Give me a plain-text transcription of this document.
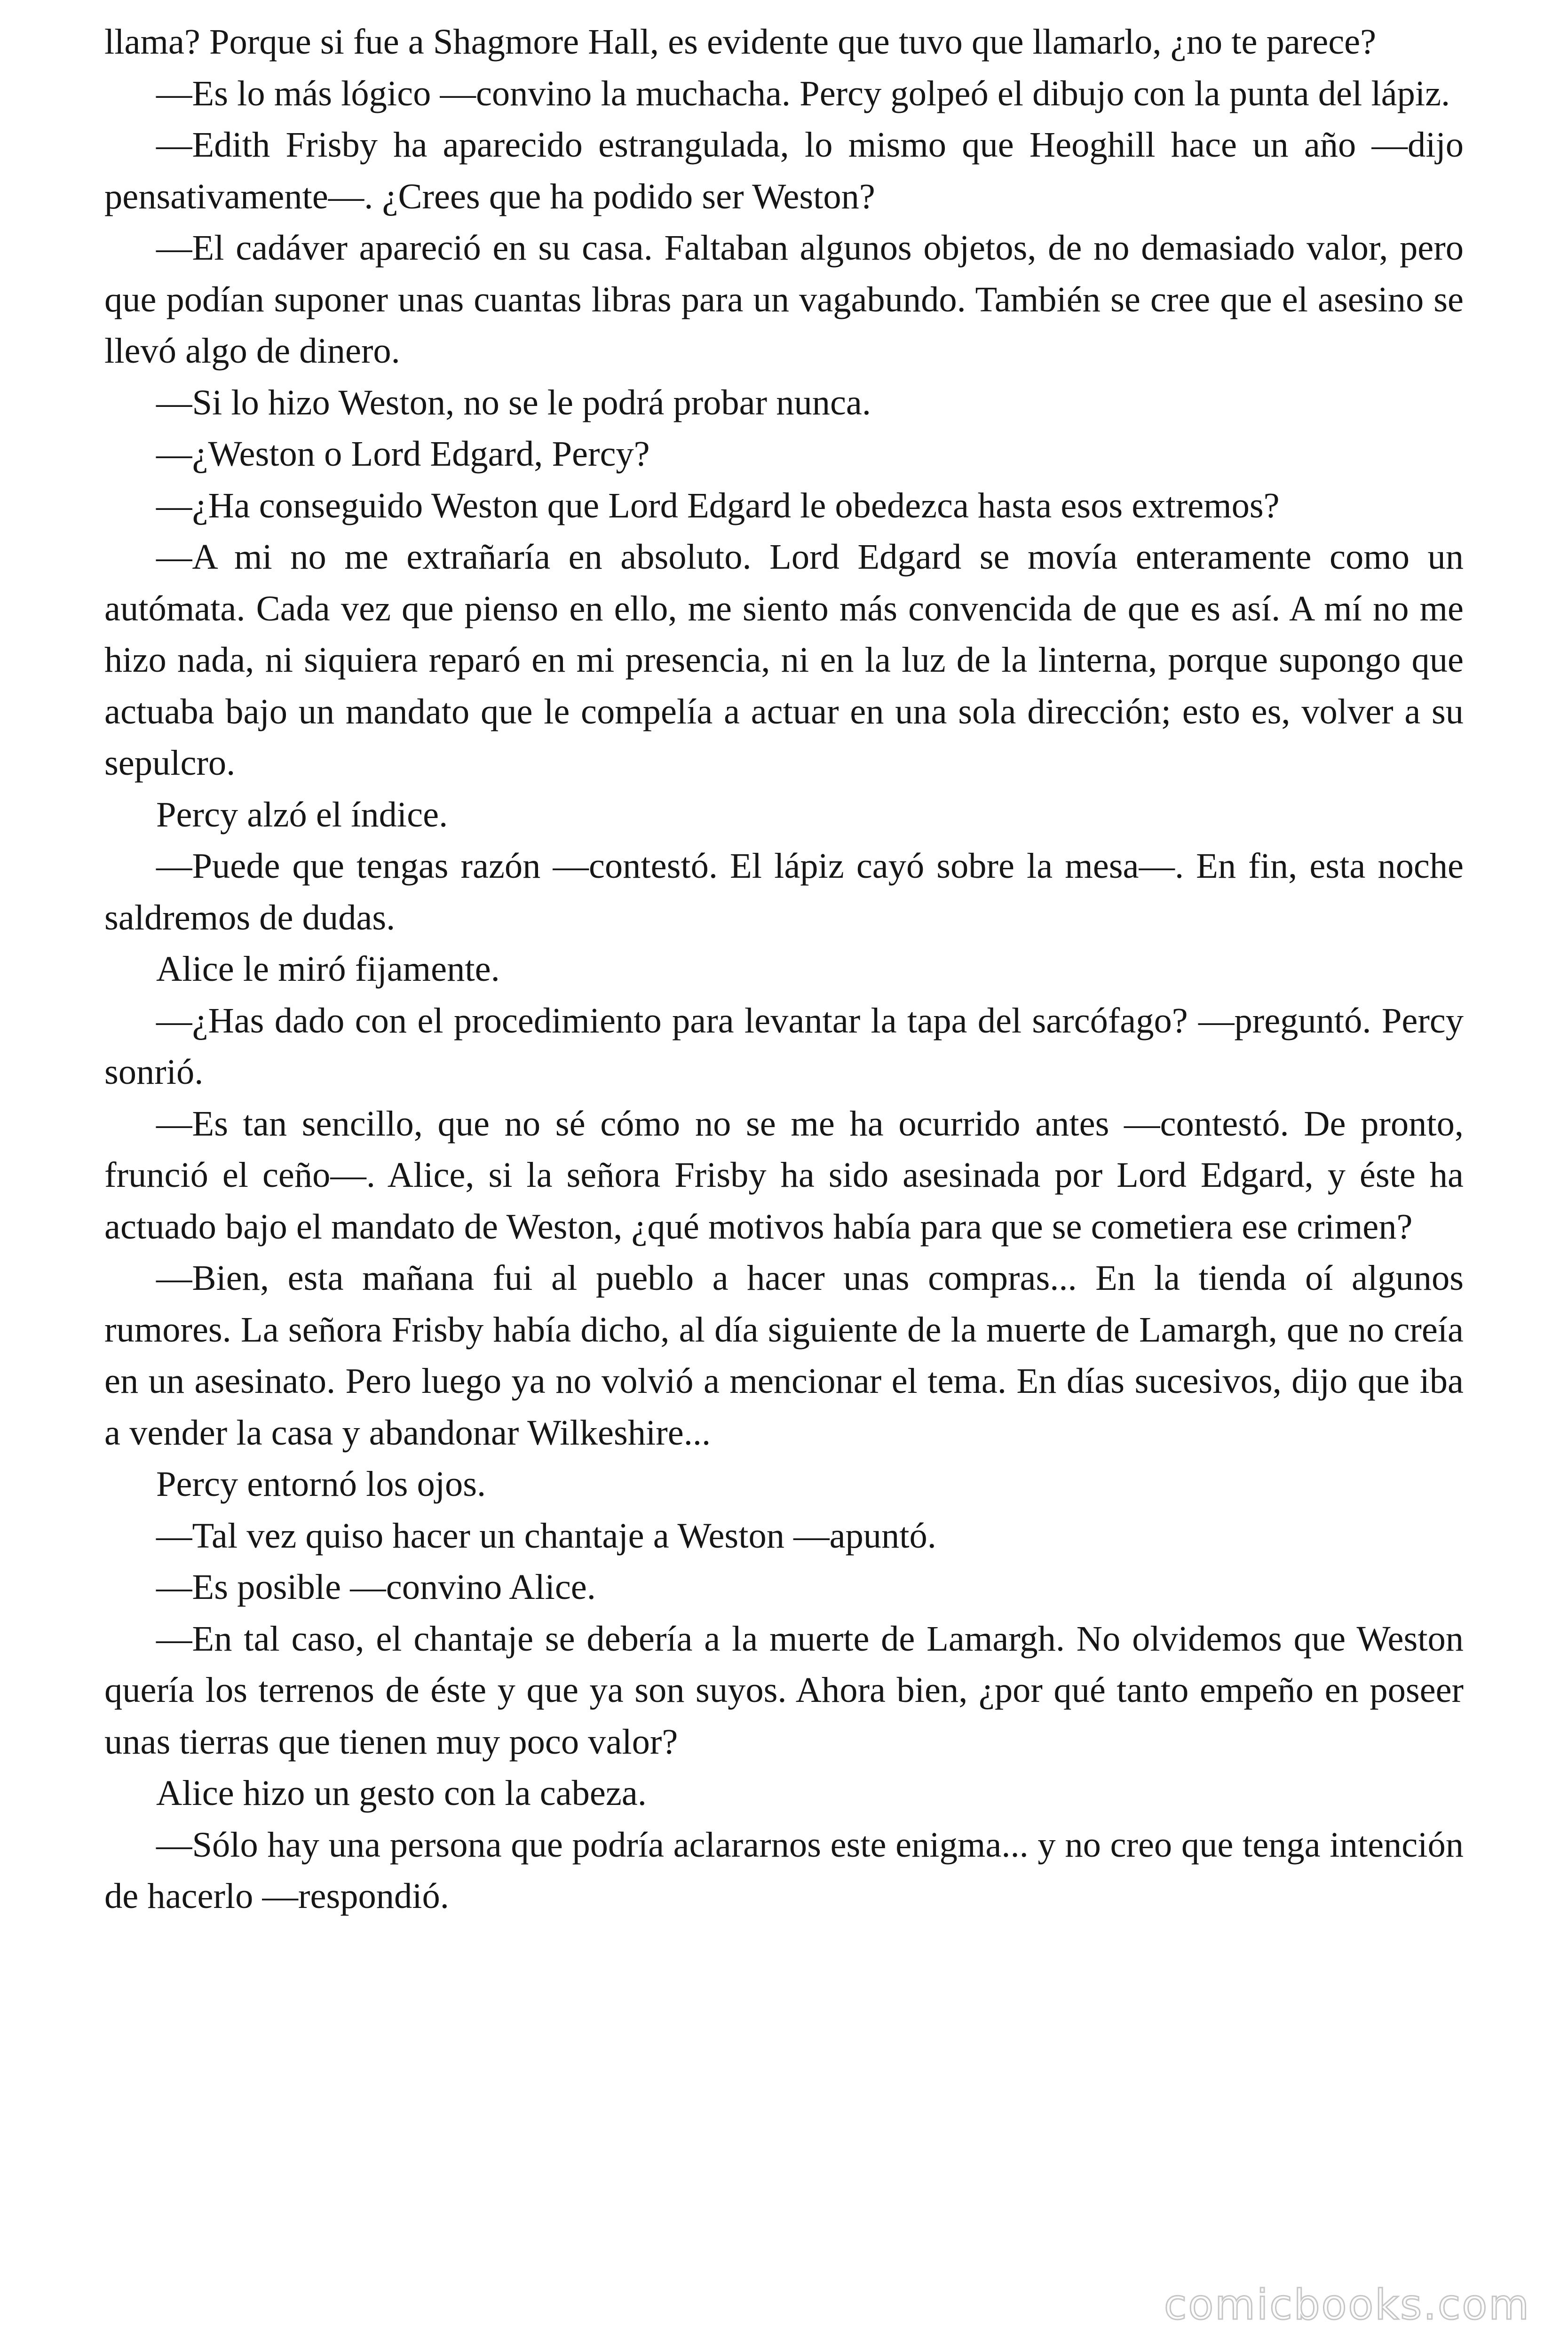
llama? Porque si fue a Shagmore Hall, es evidente que tuvo que llamarlo, ¿no te parece?

—Es lo más lógico —convino la muchacha. Percy golpeó el dibujo con la punta del lápiz.

—Edith Frisby ha aparecido estrangulada, lo mismo que Heoghill hace un año —dijo pensativamente—. ¿Crees que ha podido ser Weston?

—El cadáver apareció en su casa. Faltaban algunos objetos, de no demasiado valor, pero que podían suponer unas cuantas libras para un vagabundo. También se cree que el asesino se llevó algo de dinero.

—Si lo hizo Weston, no se le podrá probar nunca.

—¿Weston o Lord Edgard, Percy?

—¿Ha conseguido Weston que Lord Edgard le obedezca hasta esos extremos?

—A mi no me extrañaría en absoluto. Lord Edgard se movía enteramente como un autómata. Cada vez que pienso en ello, me siento más convencida de que es así. A mí no me hizo nada, ni siquiera reparó en mi presencia, ni en la luz de la linterna, porque supongo que actuaba bajo un mandato que le compelía a actuar en una sola dirección; esto es, volver a su sepulcro.

Percy alzó el índice.

—Puede que tengas razón —contestó. El lápiz cayó sobre la mesa—. En fin, esta noche saldremos de dudas.

Alice le miró fijamente.

—¿Has dado con el procedimiento para levantar la tapa del sarcófago? —preguntó. Percy sonrió.

—Es tan sencillo, que no sé cómo no se me ha ocurrido antes —contestó. De pronto, frunció el ceño—. Alice, si la señora Frisby ha sido asesinada por Lord Edgard, y éste ha actuado bajo el mandato de Weston, ¿qué motivos había para que se cometiera ese crimen?

—Bien, esta mañana fui al pueblo a hacer unas compras... En la tienda oí algunos rumores. La señora Frisby había dicho, al día siguiente de la muerte de Lamargh, que no creía en un asesinato. Pero luego ya no volvió a mencionar el tema. En días sucesivos, dijo que iba a vender la casa y abandonar Wilkeshire...

Percy entornó los ojos.

—Tal vez quiso hacer un chantaje a Weston —apuntó.

—Es posible —convino Alice.

—En tal caso, el chantaje se debería a la muerte de Lamargh. No olvidemos que Weston quería los terrenos de éste y que ya son suyos. Ahora bien, ¿por qué tanto empeño en poseer unas tierras que tienen muy poco valor?

Alice hizo un gesto con la cabeza.

—Sólo hay una persona que podría aclararnos este enigma... y no creo que tenga intención de hacerlo —respondió.

comicbooks.com
